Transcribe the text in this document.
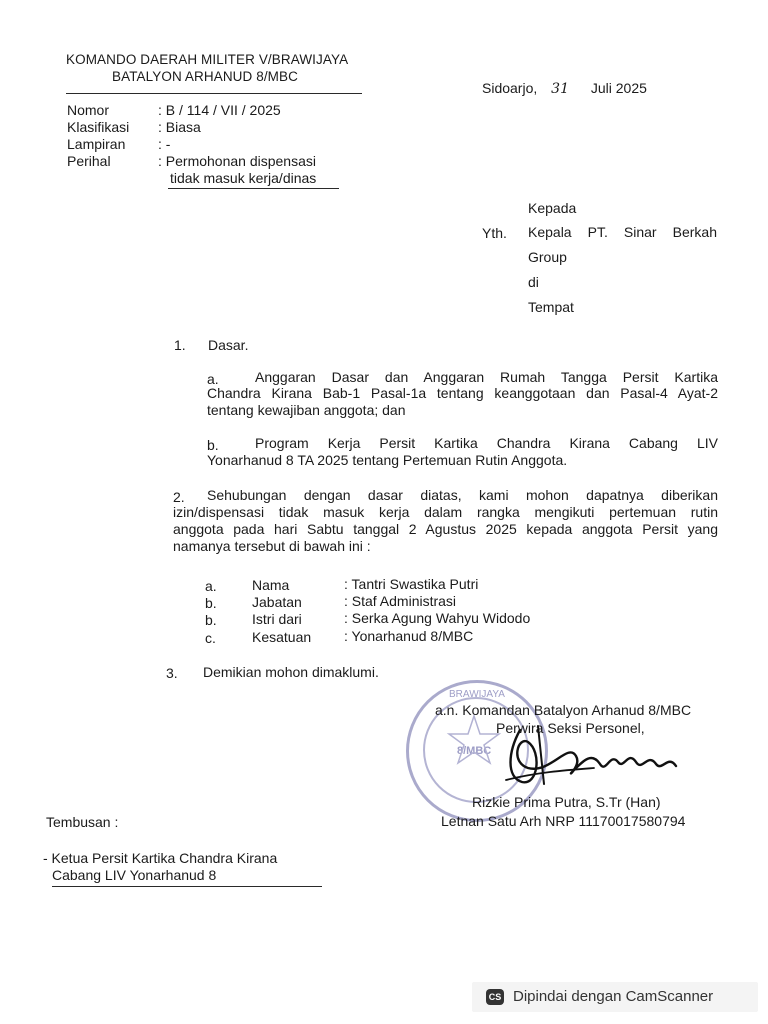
KOMANDO DAERAH MILITER V/BRAWIJAYA
BATALYON ARHANUD 8/MBC
Sidoarjo, 31 Juli 2025
Nomor	: B / 114 / VII / 2025
Klasifikasi : Biasa
Lampiran : -
Perihal	: Permohonan dispensasi
tidak masuk kerja/dinas
Kepada
Yth. Kepala PT. Sinar Berkah
Group
di
Tempat
1. Dasar.
a.	Anggaran Dasar dan Anggaran Rumah Tangga Persit Kartika
Chandra Kirana Bab-1 Pasal-1a tentang keanggotaan dan Pasal-4 Ayat-2
tentang kewajiban anggota; dan
b.	Program Kerja Persit Kartika Chandra Kirana Cabang LIV
Yonarhanud 8 TA 2025 tentang Pertemuan Rutin Anggota.
2. Sehubungan dengan dasar diatas, kami mohon dapatnya diberikan
izin/dispensasi tidak masuk kerja dalam rangka mengikuti pertemuan rutin
anggota pada hari Sabtu tanggal 2 Agustus 2025 kepada anggota Persit yang
namanya tersebut di bawah ini :
a.	Nama	: Tantri Swastika Putri
b.	Jabatan	: Staf Administrasi
b.	Istri dari	: Serka Agung Wahyu Widodo
c.	Kesatuan : Yonarhanud 8/MBC
3. Demikian mohon dimaklumi.
BRAWIJAYA
8/MBC
a.n. Komandan Batalyon Arhanud 8/MBC
Perwira Seksi Personel,
Rizkie Prima Putra, S.Tr (Han)
Letnan Satu Arh NRP 11170017580794
Tembusan :
- Ketua Persit Kartika Chandra Kirana
Cabang LIV Yonarhanud 8
CS Dipindai dengan CamScanner
